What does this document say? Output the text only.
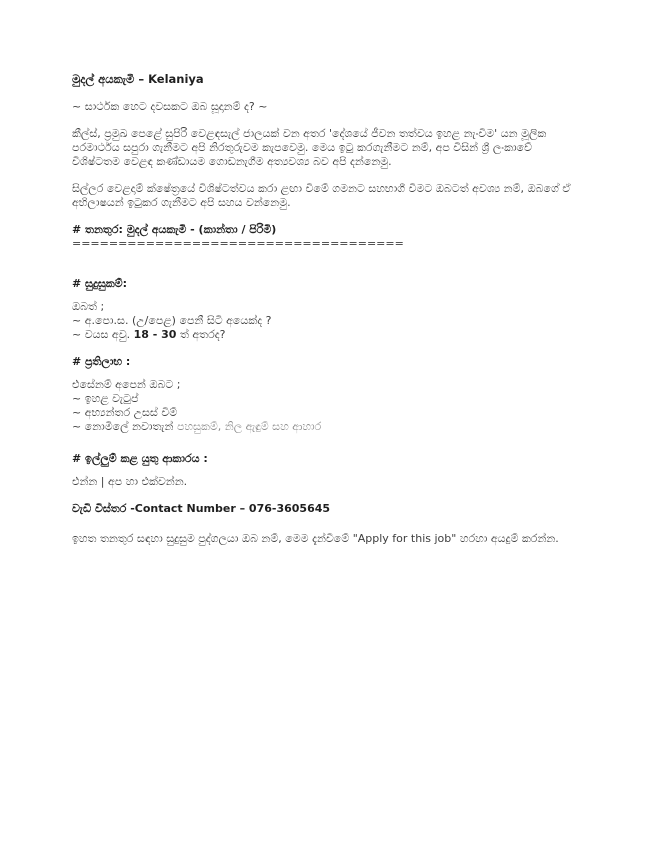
මුදල් අයකැමී – Kelaniya

~ සාර්ථක හෙට දවසකට ඔබ සූදානම් ද? ~

කීල්ස්, ප්‍රමුඛ පෙළේ සුපිරි වෙළඳසැල් ජාලයක් වන අතර 'දේශයේ ජීවන තත්වය ඉහළ නැංවීම' යන මූලික පරමාර්ථය සපුරා ගැනීමට අපි නිරතුරුවම කැපවෙමු. මෙය ඉටු කරගැනීමට නම්, අප විසින් ශ්‍රී ලංකාවේ විශිෂ්ටතම වෙළඳ කණ්ඩායම ගොඩනැගීම අත්‍යවශ්‍ය බව අපි දන්නෙමු.

සිල්ලර වෙළදාම් ක්ෂේත්‍රයේ විශිෂ්ටත්වය කරා ළඟා වීමේ ගමනට සහභාගී වීමට ඔබටත් අවශ්‍ය නම්, ඔබගේ ඒ අභිලාෂයන් ඉටුකර ගැනීමට අපි සහය වන්නෙමු.

# තනතුර: මුදල් අයකැමී - (කාන්තා / පිරිමි)

====================================

# සුදුසුකම්:

ඔබත් ;
~ අ.පො.ස. (උ/පෙළ) පෙනී සිටි අයෙක්ද ?
~ වයස අවු. 18 - 30 ත් අතරද?

# ප්‍රතිලාභ :

එසේනම් අපෙන් ඔබට ;
~ ඉහළ වැටුප්
~ අභ්‍යන්තර උසස් වීම්
~ නොමිලේ නවාතැන් පහසුකම්, නිල ඇඳුම් සහ ආහාර

# ඉල්ලුම් කළ යුතු ආකාරය :

එන්න | අප හා එක්වන්න.

වැඩි විස්තර -Contact Number – 076-3605645

ඉහත තනතුර සඳහා සුදුසුම පුද්ගලයා ඔබ නම්, මෙම දැන්වීමේ "Apply for this job" හරහා අයදුම් කරන්න.
